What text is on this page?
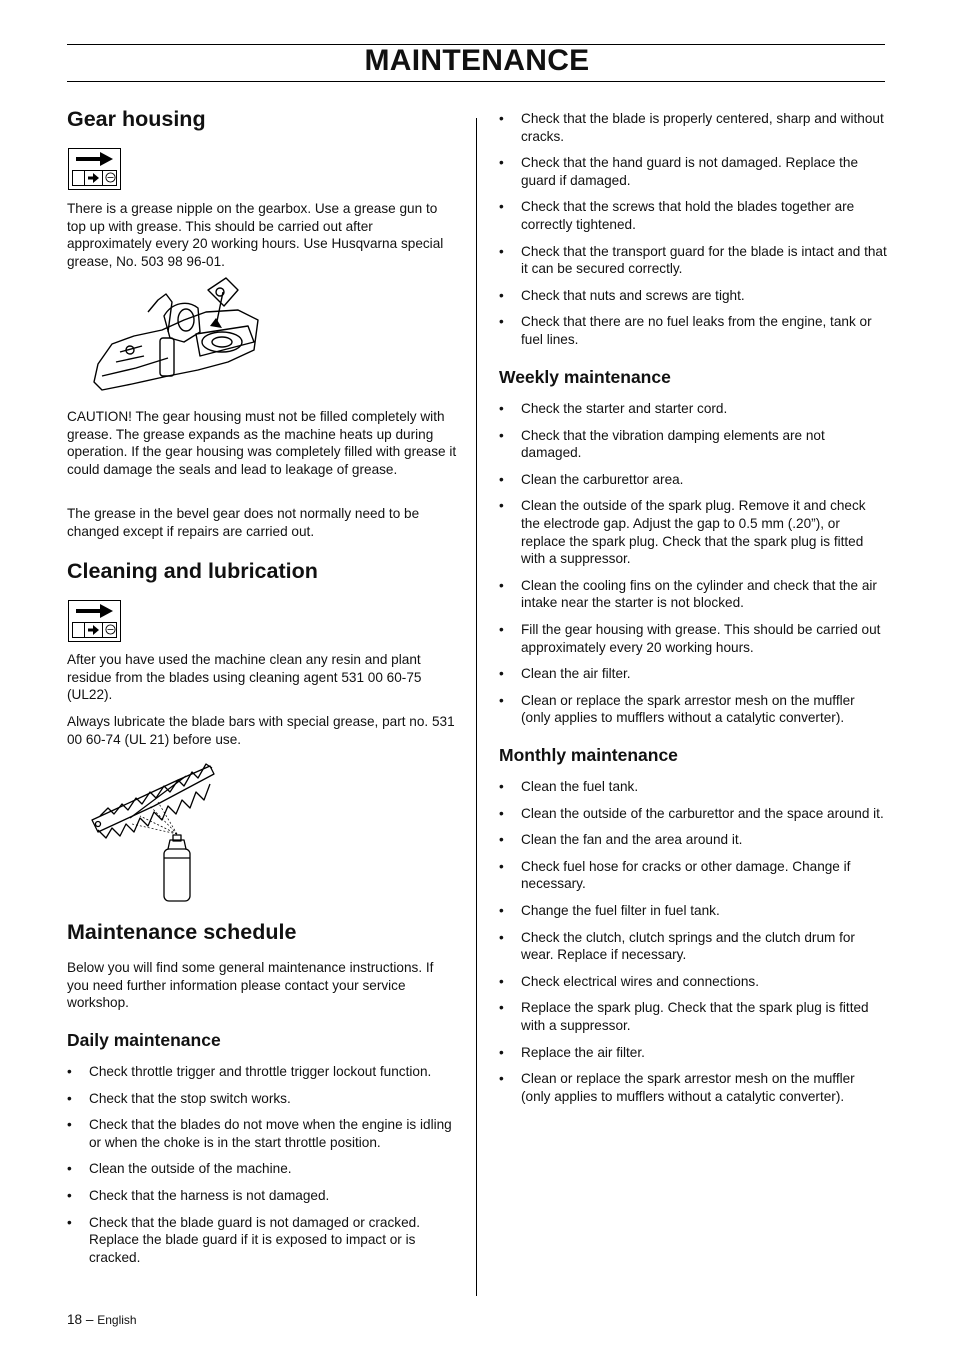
MAINTENANCE
Gear housing

There is a grease nipple on the gearbox. Use a grease gun to top up with grease. This should be carried out after approximately every 20 working hours. Use Husqvarna special grease, No. 503 98 96-01.

CAUTION! The gear housing must not be filled completely with grease. The grease expands as the machine heats up during operation. If the gear housing was completely filled with grease it could damage the seals and lead to leakage of grease.

The grease in the bevel gear does not normally need to be changed except if repairs are carried out.

Cleaning and lubrication

After you have used the machine clean any resin and plant residue from the blades using cleaning agent 531 00 60-75 (UL22).

Always lubricate the blade bars with special grease, part no. 531 00 60-74 (UL 21) before use.

Maintenance schedule

Below you will find some general maintenance instructions. If you need further information please contact your service workshop.

Daily maintenance
• Check throttle trigger and throttle trigger lockout function.
• Check that the stop switch works.
• Check that the blades do not move when the engine is idling or when the choke is in the start throttle position.
• Clean the outside of the machine.
• Check that the harness is not damaged.
• Check that the blade guard is not damaged or cracked. Replace the blade guard if it is exposed to impact or is cracked.
• Check that the blade is properly centered, sharp and without cracks.
• Check that the hand guard is not damaged. Replace the guard if damaged.
• Check that the screws that hold the blades together are correctly tightened.
• Check that the transport guard for the blade is intact and that it can be secured correctly.
• Check that nuts and screws are tight.
• Check that there are no fuel leaks from the engine, tank or fuel lines.
Weekly maintenance
• Check the starter and starter cord.
• Check that the vibration damping elements are not damaged.
• Clean the carburettor area.
• Clean the outside of the spark plug. Remove it and check the electrode gap. Adjust the gap to 0.5 mm (.20”), or replace the spark plug. Check that the spark plug is fitted with a suppressor.
• Clean the cooling fins on the cylinder and check that the air intake near the starter is not blocked.
• Fill the gear housing with grease. This should be carried out approximately every 20 working hours.
• Clean the air filter.
• Clean or replace the spark arrestor mesh on the muffler (only applies to mufflers without a catalytic converter).
Monthly maintenance
• Clean the fuel tank.
• Clean the outside of the carburettor and the space around it.
• Clean the fan and the area around it.
• Check fuel hose for cracks or other damage. Change if necessary.
• Change the fuel filter in fuel tank.
• Check the clutch, clutch springs and the clutch drum for wear. Replace if necessary.
• Check electrical wires and connections.
• Replace the spark plug. Check that the spark plug is fitted with a suppressor.
• Replace the air filter.
• Clean or replace the spark arrestor mesh on the muffler (only applies to mufflers without a catalytic converter).
18 – English
